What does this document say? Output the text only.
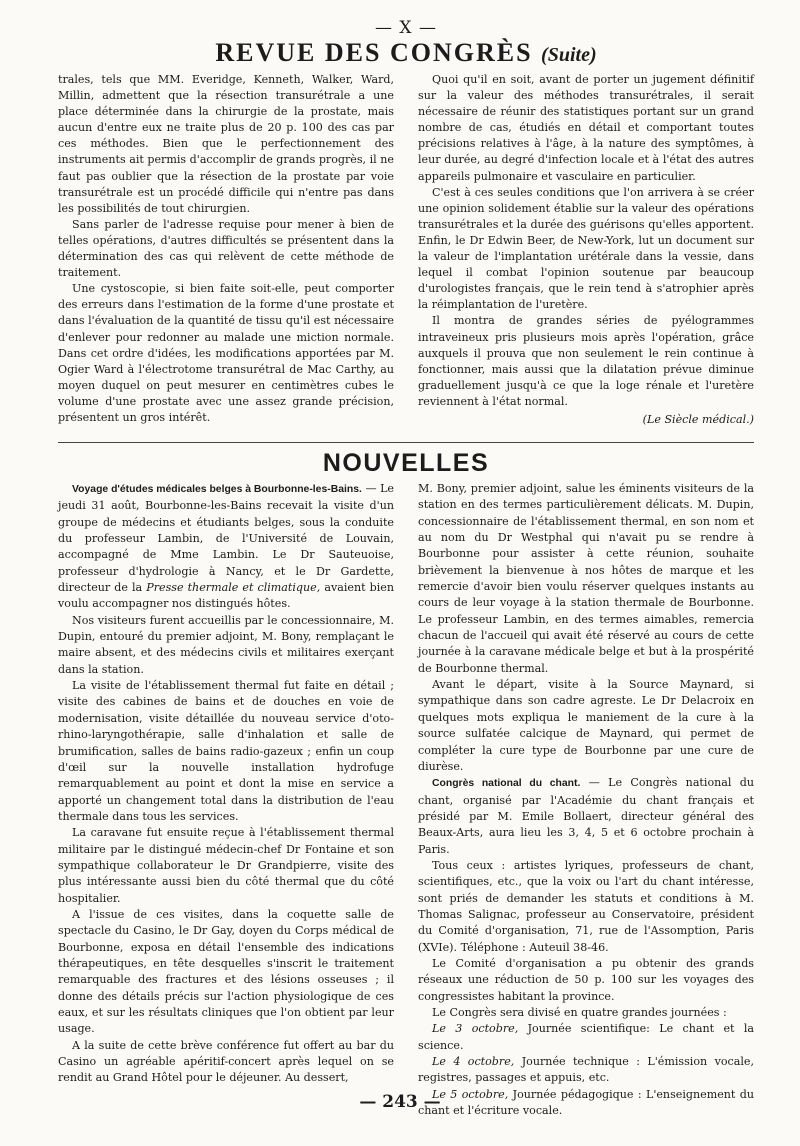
— X —
REVUE DES CONGRÈS (Suite)

trales, tels que MM. Everidge, Kenneth, Walker, Ward, Millin, admettent que la résection transurétrale a une place déterminée dans la chirurgie de la prostate, mais aucun d'entre eux ne traite plus de 20 p. 100 des cas par ces méthodes. Bien que le perfectionnement des instruments ait permis d'accomplir de grands progrès, il ne faut pas oublier que la résection de la prostate par voie transurétrale est un procédé difficile qui n'entre pas dans les possibilités de tout chirurgien.

Sans parler de l'adresse requise pour mener à bien de telles opérations, d'autres difficultés se présentent dans la détermination des cas qui relèvent de cette méthode de traitement.

Une cystoscopie, si bien faite soit-elle, peut comporter des erreurs dans l'estimation de la forme d'une prostate et dans l'évaluation de la quantité de tissu qu'il est nécessaire d'enlever pour redonner au malade une miction normale. Dans cet ordre d'idées, les modifications apportées par M. Ogier Ward à l'électrotome transurétral de Mac Carthy, au moyen duquel on peut mesurer en centimètres cubes le volume d'une prostate avec une assez grande précision, présentent un gros intérêt.

Quoi qu'il en soit, avant de porter un jugement définitif sur la valeur des méthodes transurétrales, il serait nécessaire de réunir des statistiques portant sur un grand nombre de cas, étudiés en détail et comportant toutes précisions relatives à l'âge, à la nature des symptômes, à leur durée, au degré d'infection locale et à l'état des autres appareils pulmonaire et vasculaire en particulier.

C'est à ces seules conditions que l'on arrivera à se créer une opinion solidement établie sur la valeur des opérations transurétrales et la durée des guérisons qu'elles apportent. Enfin, le Dr Edwin Beer, de New-York, lut un document sur la valeur de l'implantation urétérale dans la vessie, dans lequel il combat l'opinion soutenue par beaucoup d'urologistes français, que le rein tend à s'atrophier après la réimplantation de l'uretère.

Il montra de grandes séries de pyélogrammes intraveineux pris plusieurs mois après l'opération, grâce auxquels il prouva que non seulement le rein continue à fonctionner, mais aussi que la dilatation prévue diminue graduellement jusqu'à ce que la loge rénale et l'uretère reviennent à l'état normal.

(Le Siècle médical.)
NOUVELLES

Voyage d'études médicales belges à Bourbonne-les-Bains. — Le jeudi 31 août, Bourbonne-les-Bains recevait la visite d'un groupe de médecins et étudiants belges, sous la conduite du professeur Lambin, de l'Université de Louvain, accompagné de Mme Lambin. Le Dr Sauteuoise, professeur d'hydrologie à Nancy, et le Dr Gardette, directeur de la Presse thermale et climatique, avaient bien voulu accompagner nos distingués hôtes.

Nos visiteurs furent accueillis par le concessionnaire, M. Dupin, entouré du premier adjoint, M. Bony, remplaçant le maire absent, et des médecins civils et militaires exerçant dans la station.

La visite de l'établissement thermal fut faite en détail ; visite des cabines de bains et de douches en voie de modernisation, visite détaillée du nouveau service d'oto-rhino-laryngothérapie, salle d'inhalation et salle de brumification, salles de bains radio-gazeux ; enfin un coup d'œil sur la nouvelle installation hydrofuge remarquablement au point et dont la mise en service a apporté un changement total dans la distribution de l'eau thermale dans tous les services.

La caravane fut ensuite reçue à l'établissement thermal militaire par le distingué médecin-chef Dr Fontaine et son sympathique collaborateur le Dr Grandpierre, visite des plus intéressante aussi bien du côté thermal que du côté hospitalier.

A l'issue de ces visites, dans la coquette salle de spectacle du Casino, le Dr Gay, doyen du Corps médical de Bourbonne, exposa en détail l'ensemble des indications thérapeutiques, en tête desquelles s'inscrit le traitement remarquable des fractures et des lésions osseuses ; il donne des détails précis sur l'action physiologique de ces eaux, et sur les résultats cliniques que l'on obtient par leur usage.

A la suite de cette brève conférence fut offert au bar du Casino un agréable apéritif-concert après lequel on se rendit au Grand Hôtel pour le déjeuner. Au dessert,

M. Bony, premier adjoint, salue les éminents visiteurs de la station en des termes particulièrement délicats. M. Dupin, concessionnaire de l'établissement thermal, en son nom et au nom du Dr Westphal qui n'avait pu se rendre à Bourbonne pour assister à cette réunion, souhaite brièvement la bienvenue à nos hôtes de marque et les remercie d'avoir bien voulu réserver quelques instants au cours de leur voyage à la station thermale de Bourbonne. Le professeur Lambin, en des termes aimables, remercia chacun de l'accueil qui avait été réservé au cours de cette journée à la caravane médicale belge et but à la prospérité de Bourbonne thermal.

Avant le départ, visite à la Source Maynard, si sympathique dans son cadre agreste. Le Dr Delacroix en quelques mots expliqua le maniement de la cure à la source sulfatée calcique de Maynard, qui permet de compléter la cure type de Bourbonne par une cure de diurèse.

Congrès national du chant. — Le Congrès national du chant, organisé par l'Académie du chant français et présidé par M. Emile Bollaert, directeur général des Beaux-Arts, aura lieu les 3, 4, 5 et 6 octobre prochain à Paris.

Tous ceux : artistes lyriques, professeurs de chant, scientifiques, etc., que la voix ou l'art du chant intéresse, sont priés de demander les statuts et conditions à M. Thomas Salignac, professeur au Conservatoire, président du Comité d'organisation, 71, rue de l'Assomption, Paris (XVIe). Téléphone : Auteuil 38-46.

Le Comité d'organisation a pu obtenir des grands réseaux une réduction de 50 p. 100 sur les voyages des congressistes habitant la province.

Le Congrès sera divisé en quatre grandes journées :

Le 3 octobre, Journée scientifique: Le chant et la science.

Le 4 octobre, Journée technique : L'émission vocale, registres, passages et appuis, etc.

Le 5 octobre, Journée pédagogique : L'enseignement du chant et l'écriture vocale.

— 243 —
